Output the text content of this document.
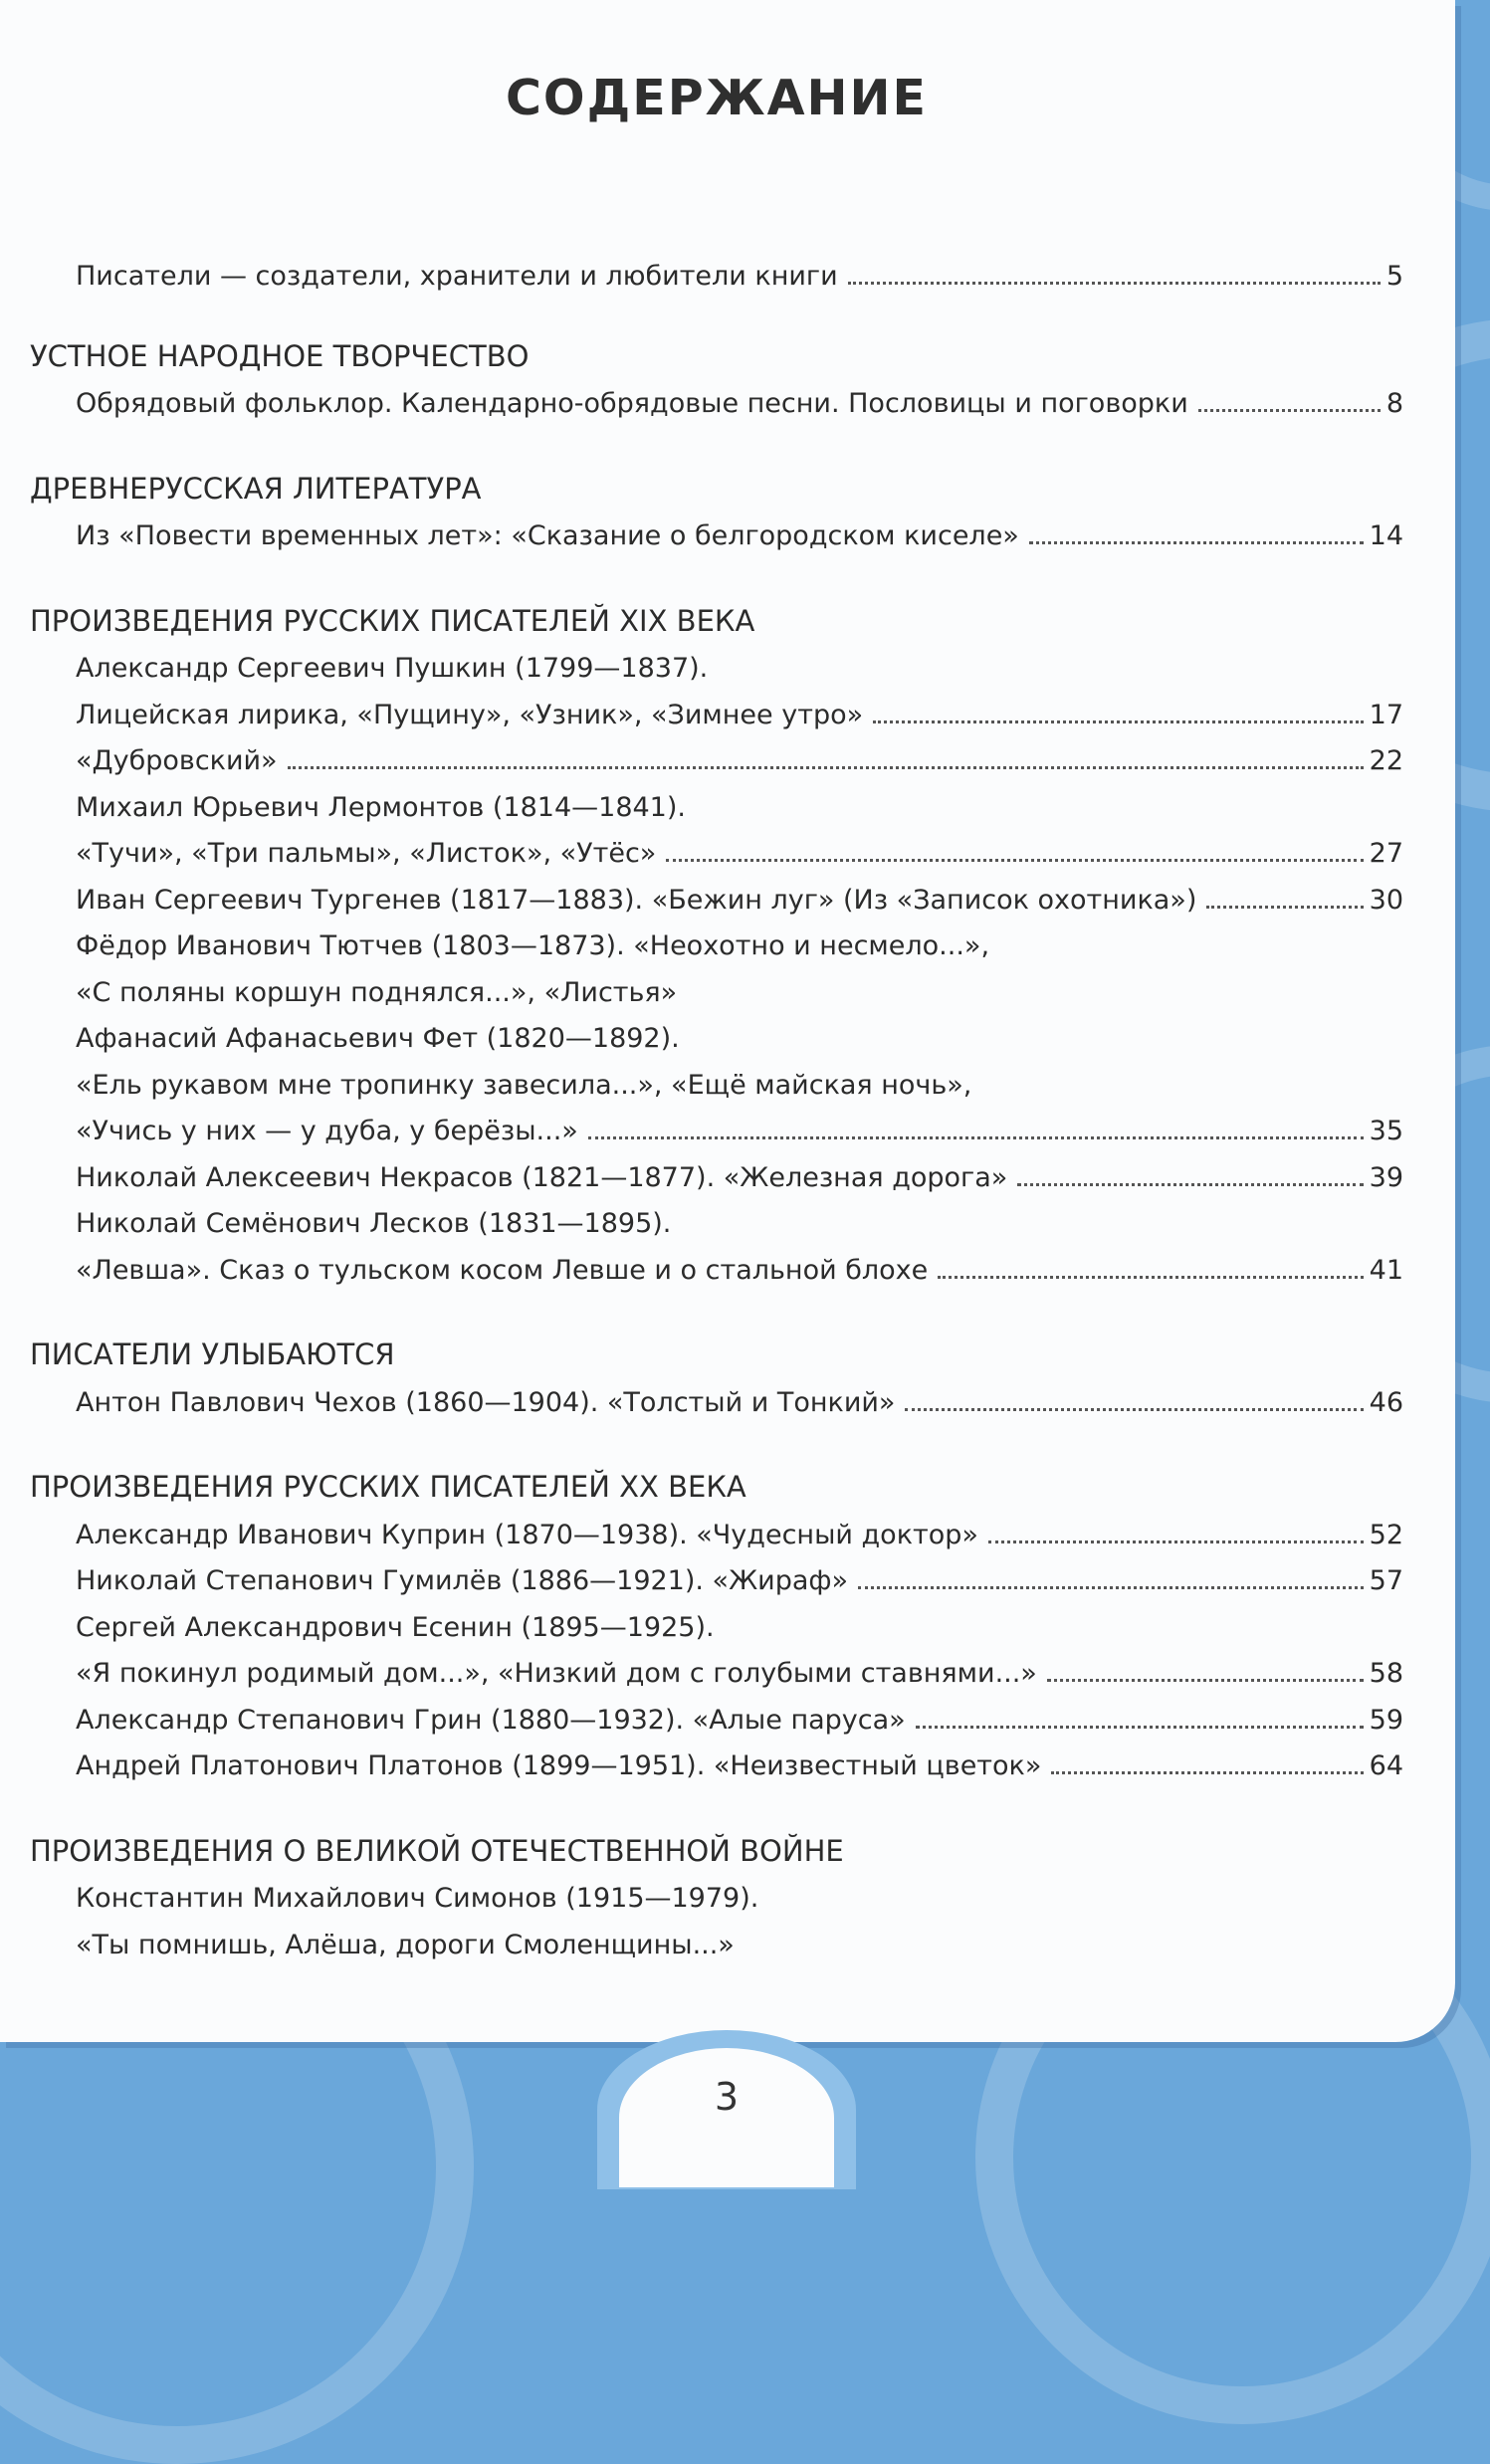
СОДЕРЖАНИЕ
Писатели — создатели, хранители и любители книги	5
УСТНОЕ НАРОДНОЕ ТВОРЧЕСТВО
Обрядовый фольклор. Календарно-обрядовые песни. Пословицы и поговорки	8
ДРЕВНЕРУССКАЯ ЛИТЕРАТУРА
Из «Повести временных лет»: «Сказание о белгородском киселе»	14
ПРОИЗВЕДЕНИЯ РУССКИХ ПИСАТЕЛЕЙ XIX ВЕКА
Александр Сергеевич Пушкин (1799—1837).
Лицейская лирика, «Пущину», «Узник», «Зимнее утро»	17
«Дубровский»	22
Михаил Юрьевич Лермонтов (1814—1841).
«Тучи», «Три пальмы», «Листок», «Утёс»	27
Иван Сергеевич Тургенев (1817—1883). «Бежин луг» (Из «Записок охотника»)	30
Фёдор Иванович Тютчев (1803—1873). «Неохотно и несмело...»,
«С поляны коршун поднялся...», «Листья»
Афанасий Афанасьевич Фет (1820—1892).
«Ель рукавом мне тропинку завесила...», «Ещё майская ночь»,
«Учись у них — у дуба, у берёзы...»	35
Николай Алексеевич Некрасов (1821—1877). «Железная дорога»	39
Николай Семёнович Лесков (1831—1895).
«Левша». Сказ о тульском косом Левше и о стальной блохе	41
ПИСАТЕЛИ УЛЫБАЮТСЯ
Антон Павлович Чехов (1860—1904). «Толстый и Тонкий»	46
ПРОИЗВЕДЕНИЯ РУССКИХ ПИСАТЕЛЕЙ XX ВЕКА
Александр Иванович Куприн (1870—1938). «Чудесный доктор»	52
Николай Степанович Гумилёв (1886—1921). «Жираф»	57
Сергей Александрович Есенин (1895—1925).
«Я покинул родимый дом...», «Низкий дом с голубыми ставнями...»	58
Александр Степанович Грин (1880—1932). «Алые паруса»	59
Андрей Платонович Платонов (1899—1951). «Неизвестный цветок»	64
ПРОИЗВЕДЕНИЯ О ВЕЛИКОЙ ОТЕЧЕСТВЕННОЙ ВОЙНЕ
Константин Михайлович Симонов (1915—1979).
«Ты помнишь, Алёша, дороги Смоленщины...»
3
